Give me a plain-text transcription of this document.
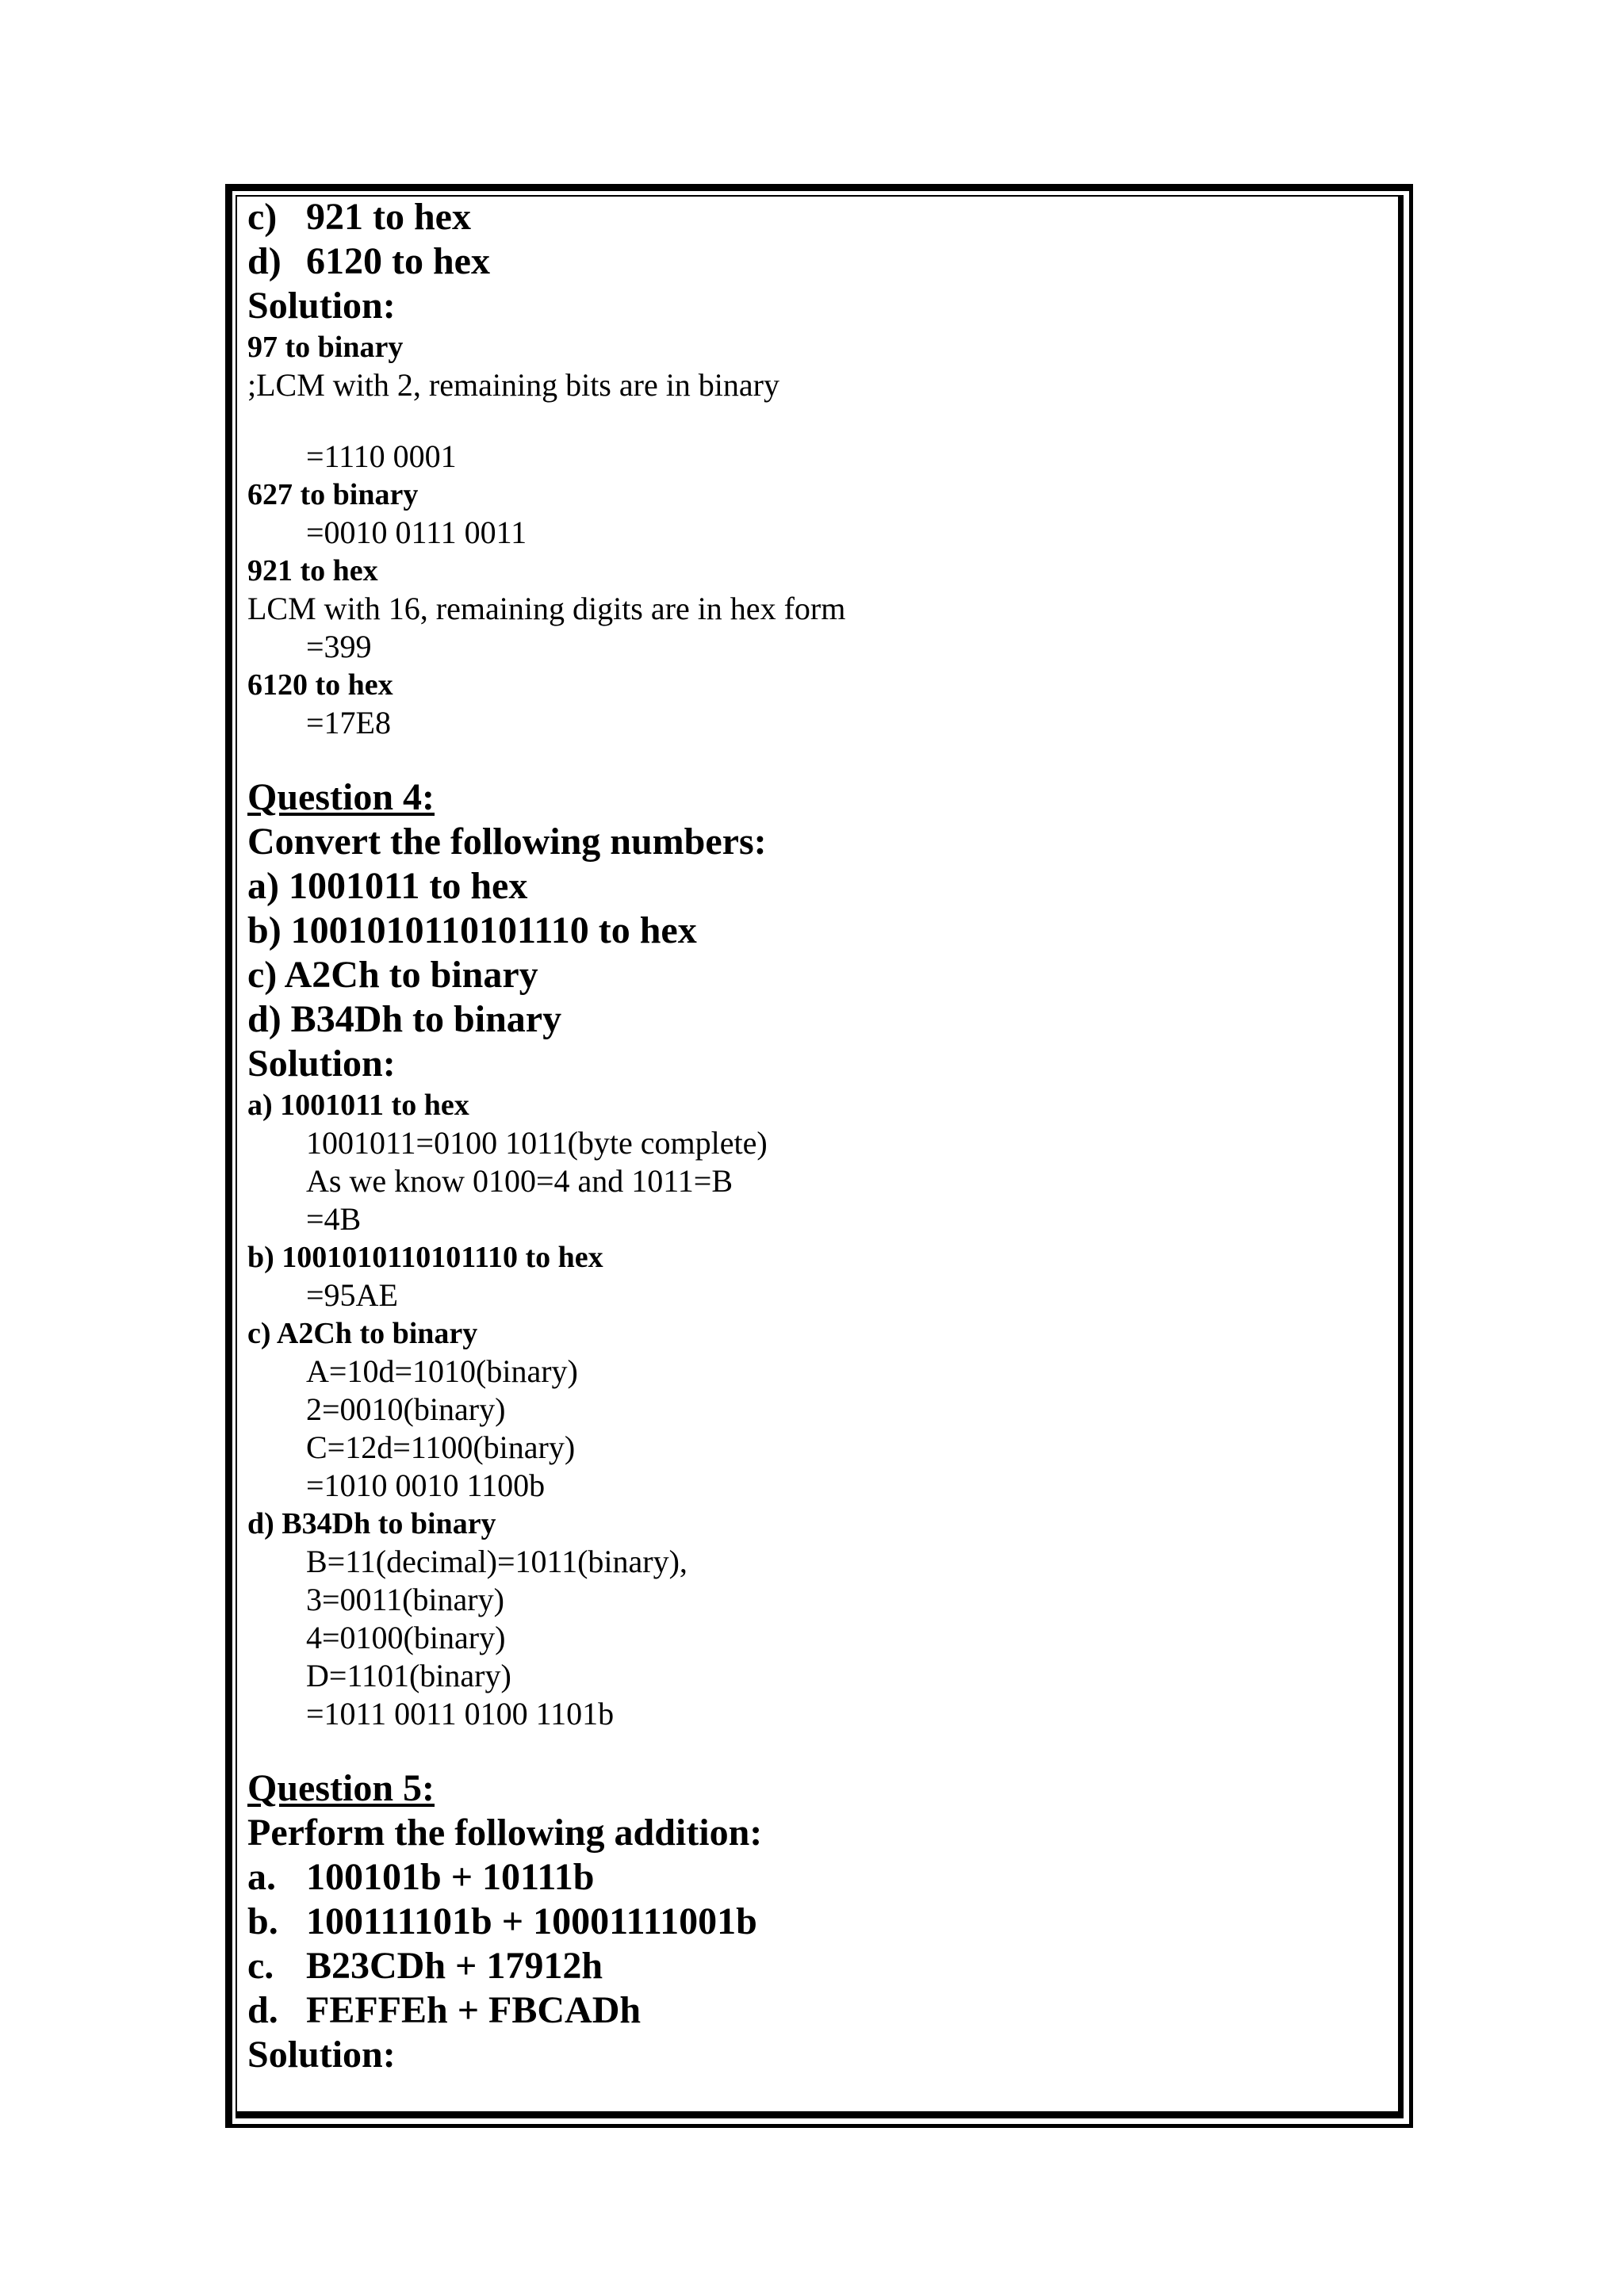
c) 921 to hex
d) 6120 to hex
Solution:
97 to binary
;LCM with 2, remaining bits are in binary
=1110 0001
627 to binary
=0010 0111 0011
921 to hex
LCM with 16, remaining digits are in hex form
=399
6120 to hex
=17E8
Question 4:
Convert the following numbers:
a) 1001011 to hex
b) 1001010110101110 to hex
c) A2Ch to binary
d) B34Dh to binary
Solution:
a) 1001011 to hex
1001011=0100 1011(byte complete)
As we know 0100=4 and 1011=B
=4B
b) 1001010110101110 to hex
=95AE
c) A2Ch to binary
A=10d=1010(binary)
2=0010(binary)
C=12d=1100(binary)
=1010 0010 1100b
d) B34Dh to binary
B=11(decimal)=1011(binary),
3=0011(binary)
4=0100(binary)
D=1101(binary)
=1011 0011 0100 1101b
Question 5:
Perform the following addition:
a. 100101b + 10111b
b. 100111101b + 10001111001b
c. B23CDh + 17912h
d. FEFFEh + FBCADh
Solution:
